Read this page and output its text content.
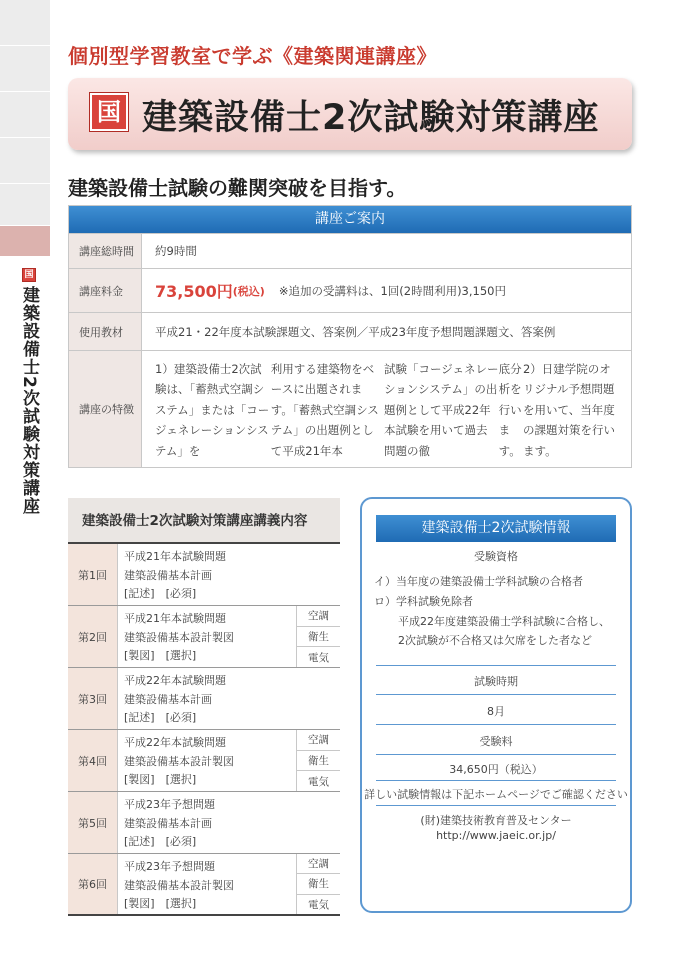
国
建築設備士2次試験対策講座
個別型学習教室で学ぶ《建築関連講座》
国 建築設備士2次試験対策講座
建築設備士試験の難関突破を目指す。
講座ご案内
講座総時間	約9時間
講座料金	73,500円 (税込) ※追加の受講料は、1回(2時間利用)3,150円
使用教材	平成21・22年度本試験課題文、答案例／平成23年度予想問題課題文、答案例
講座の特徴
1）建築設備士2次試験は、「蓄熱式空調システム」または「コージェネレーションシステム」を
利用する建築物をベースに出題されます。「蓄熱式空調システム」の出題例として平成21年本
試験「コージェネレーションシステム」の出題例として平成22年本試験を用いて過去問題の徹
底分析を行います。
2）日建学院のオリジナル予想問題を用いて、当年度の課題対策を行います。
建築設備士2次試験対策講座講義内容
第1回
平成21年本試験問題
建築設備基本計画
[記述]　[必須]
第2回
平成21年本試験問題
建築設備基本設計製図
[製図]　[選択]
空調
衛生
電気
第3回
平成22年本試験問題
建築設備基本計画
[記述]　[必須]
第4回
平成22年本試験問題
建築設備基本設計製図
[製図]　[選択]
空調
衛生
電気
第5回
平成23年予想問題
建築設備基本計画
[記述]　[必須]
第6回
平成23年予想問題
建築設備基本設計製図
[製図]　[選択]
空調
衛生
電気
建築設備士2次試験情報
受験資格
イ）当年度の建築設備士学科試験の合格者
ロ）学科試験免除者
平成22年度建築設備士学科試験に合格し、
2次試験が不合格又は欠席をした者など
試験時期
8月
受験料
34,650円（税込）
詳しい試験情報は下記ホームページでご確認ください
(財)建築技術教育普及センター
http://www.jaeic.or.jp/
